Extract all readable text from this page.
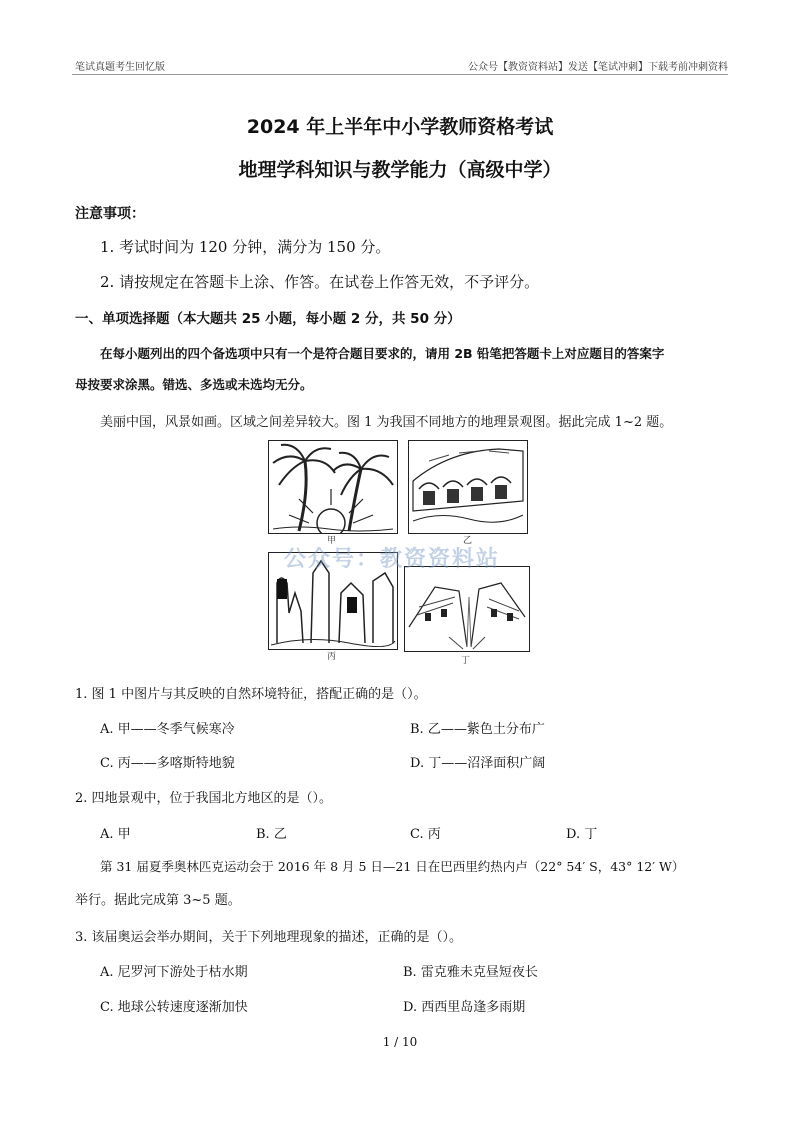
笔试真题考生回忆版	公众号【教资资料站】发送【笔试冲刺】下载考前冲刺资料
2024 年上半年中小学教师资格考试
地理学科知识与教学能力（高级中学）
注意事项：
1. 考试时间为 120 分钟，满分为 150 分。
2. 请按规定在答题卡上涂、作答。在试卷上作答无效，不予评分。
一、单项选择题（本大题共 25 小题，每小题 2 分，共 50 分）
在每小题列出的四个备选项中只有一个是符合题目要求的，请用 2B 铅笔把答题卡上对应题目的答案字
母按要求涂黑。错选、多选或未选均无分。
美丽中国，风景如画。区域之间差异较大。图 1 为我国不同地方的地理景观图。据此完成 1~2 题。
甲	乙
丙	丁
公众号：教资资料站
1. 图 1 中图片与其反映的自然环境特征，搭配正确的是（）。
A. 甲——冬季气候寒冷	B. 乙——紫色土分布广
C. 丙——多喀斯特地貌	D. 丁——沼泽面积广阔
2. 四地景观中，位于我国北方地区的是（）。
A. 甲	B. 乙	C. 丙	D. 丁
第 31 届夏季奥林匹克运动会于 2016 年 8 月 5 日—21 日在巴西里约热内卢（22° 54′ S，43° 12′ W）
举行。据此完成第 3~5 题。
3. 该届奥运会举办期间，关于下列地理现象的描述，正确的是（）。
A. 尼罗河下游处于枯水期	B. 雷克雅未克昼短夜长
C. 地球公转速度逐渐加快	D. 西西里岛逢多雨期
1 / 10
